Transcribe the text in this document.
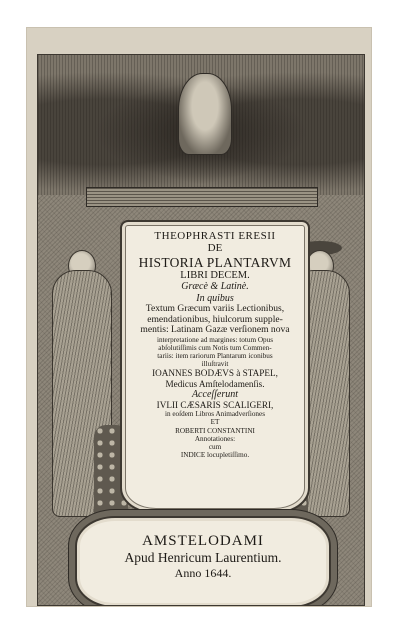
THEOPHRASTI ERESII
DE
HISTORIA PLANTARVM
LIBRI DECEM.
Græcè & Latinè.
In quibus
Textum Græcum variis Lectionibus,
emendationibus, hiulcorum supple-
mentis: Latinam Gazæ verſionem nova
interpretatione ad margines: totum Opus
abſolutiſſimis cum Notis tum Commen-
tariis: item rariorum Plantarum iconibus
illuſtravit
IOANNES BODÆVS à STAPEL,
Medicus Amſtelodamenſis.
Acceſſerunt
IVLII CÆSARIS SCALIGERI,
in eoſdem Libros Animadverſiones
ET
ROBERTI CONSTANTINI
Annotationes:
cum
INDICE locupletiſſimo.
AMSTELODAMI
Apud Henricum Laurentium.
Anno 1644.
